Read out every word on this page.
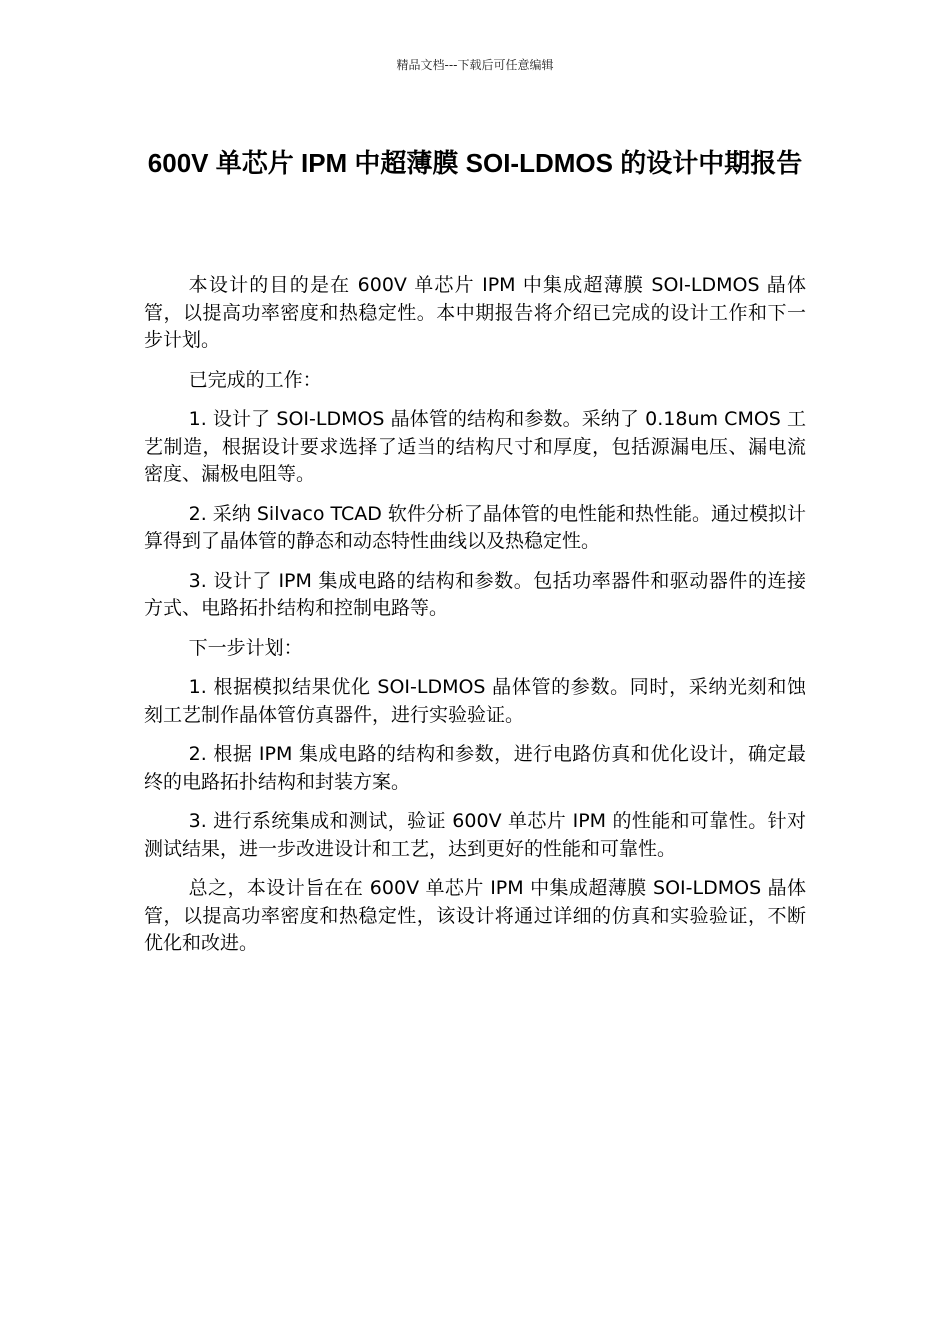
精品文档---下载后可任意编辑
600V 单芯片 IPM 中超薄膜 SOI-LDMOS 的设计中期报告

本设计的目的是在 600V 单芯片 IPM 中集成超薄膜 SOI-LDMOS 晶体管，以提高功率密度和热稳定性。本中期报告将介绍已完成的设计工作和下一步计划。

已完成的工作：

1. 设计了 SOI-LDMOS 晶体管的结构和参数。采纳了 0.18um CMOS 工艺制造，根据设计要求选择了适当的结构尺寸和厚度，包括源漏电压、漏电流密度、漏极电阻等。

2. 采纳 Silvaco TCAD 软件分析了晶体管的电性能和热性能。通过模拟计算得到了晶体管的静态和动态特性曲线以及热稳定性。

3. 设计了 IPM 集成电路的结构和参数。包括功率器件和驱动器件的连接方式、电路拓扑结构和控制电路等。

下一步计划：

1. 根据模拟结果优化 SOI-LDMOS 晶体管的参数。同时，采纳光刻和蚀刻工艺制作晶体管仿真器件，进行实验验证。

2. 根据 IPM 集成电路的结构和参数，进行电路仿真和优化设计，确定最终的电路拓扑结构和封装方案。

3. 进行系统集成和测试，验证 600V 单芯片 IPM 的性能和可靠性。针对测试结果，进一步改进设计和工艺，达到更好的性能和可靠性。

总之，本设计旨在在 600V 单芯片 IPM 中集成超薄膜 SOI-LDMOS 晶体管，以提高功率密度和热稳定性，该设计将通过详细的仿真和实验验证，不断优化和改进。
